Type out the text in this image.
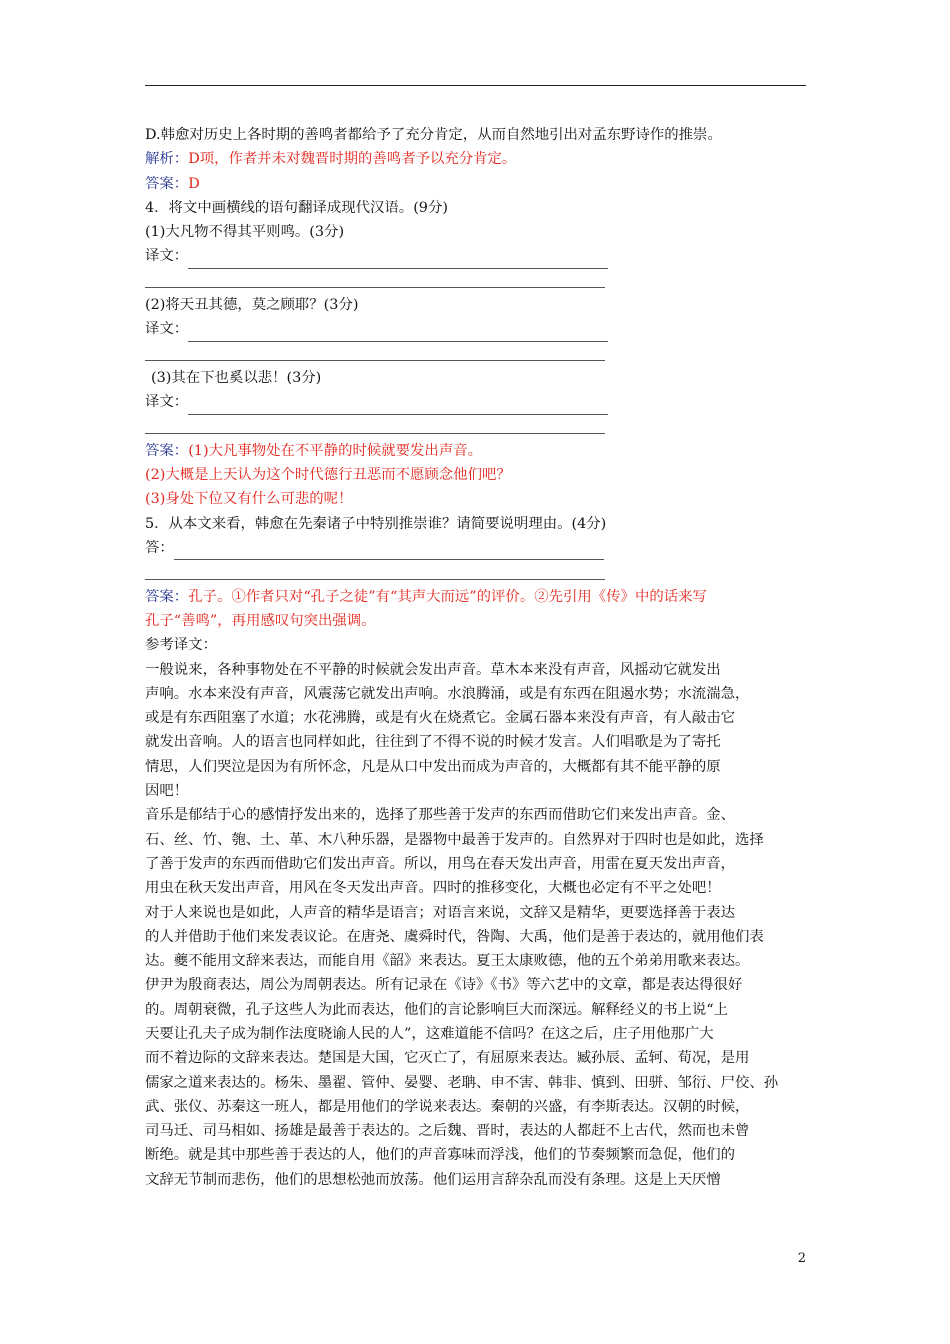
D.韩愈对历史上各时期的善鸣者都给予了充分肯定，从而自然地引出对孟东野诗作的推崇。
解析：D项，作者并未对魏晋时期的善鸣者予以充分肯定。
答案：D
4．将文中画横线的语句翻译成现代汉语。(9分)
(1)大凡物不得其平则鸣。(3分)
译文：
(2)将天丑其德，莫之顾耶？(3分)
译文：
(3)其在下也奚以悲！(3分)
译文：
答案：(1)大凡事物处在不平静的时候就要发出声音。
(2)大概是上天认为这个时代德行丑恶而不愿顾念他们吧？
(3)身处下位又有什么可悲的呢！
5．从本文来看，韩愈在先秦诸子中特别推崇谁？请简要说明理由。(4分)
答：
答案：孔子。①作者只对“孔子之徒”有“其声大而远”的评价。②先引用《传》中的话来写
孔子“善鸣”，再用感叹句突出强调。
参考译文：
一般说来，各种事物处在不平静的时候就会发出声音。草木本来没有声音，风摇动它就发出
声响。水本来没有声音，风震荡它就发出声响。水浪腾涌，或是有东西在阻遏水势；水流湍急，
或是有东西阻塞了水道；水花沸腾，或是有火在烧煮它。金属石器本来没有声音，有人敲击它
就发出音响。人的语言也同样如此，往往到了不得不说的时候才发言。人们唱歌是为了寄托
情思，人们哭泣是因为有所怀念，凡是从口中发出而成为声音的，大概都有其不能平静的原
因吧！
音乐是郁结于心的感情抒发出来的，选择了那些善于发声的东西而借助它们来发出声音。金、
石、丝、竹、匏、土、革、木八种乐器，是器物中最善于发声的。自然界对于四时也是如此，选择
了善于发声的东西而借助它们发出声音。所以，用鸟在春天发出声音，用雷在夏天发出声音，
用虫在秋天发出声音，用风在冬天发出声音。四时的推移变化，大概也必定有不平之处吧！
对于人来说也是如此，人声音的精华是语言；对语言来说，文辞又是精华，更要选择善于表达
的人并借助于他们来发表议论。在唐尧、虞舜时代，咎陶、大禹，他们是善于表达的，就用他们表
达。夔不能用文辞来表达，而能自用《韶》来表达。夏王太康败德，他的五个弟弟用歌来表达。
伊尹为殷商表达，周公为周朝表达。所有记录在《诗》《书》等六艺中的文章，都是表达得很好
的。周朝衰微，孔子这些人为此而表达，他们的言论影响巨大而深远。解释经义的书上说“上
天要让孔夫子成为制作法度晓谕人民的人”，这难道能不信吗？在这之后，庄子用他那广大
而不着边际的文辞来表达。楚国是大国，它灭亡了，有屈原来表达。臧孙辰、孟轲、荀况，是用
儒家之道来表达的。杨朱、墨翟、管仲、晏婴、老聃、申不害、韩非、慎到、田骈、邹衍、尸佼、孙
武、张仪、苏秦这一班人，都是用他们的学说来表达。秦朝的兴盛，有李斯表达。汉朝的时候，
司马迁、司马相如、扬雄是最善于表达的。之后魏、晋时，表达的人都赶不上古代，然而也未曾
断绝。就是其中那些善于表达的人，他们的声音寡味而浮浅，他们的节奏频繁而急促，他们的
文辞无节制而悲伤，他们的思想松弛而放荡。他们运用言辞杂乱而没有条理。这是上天厌憎
2
